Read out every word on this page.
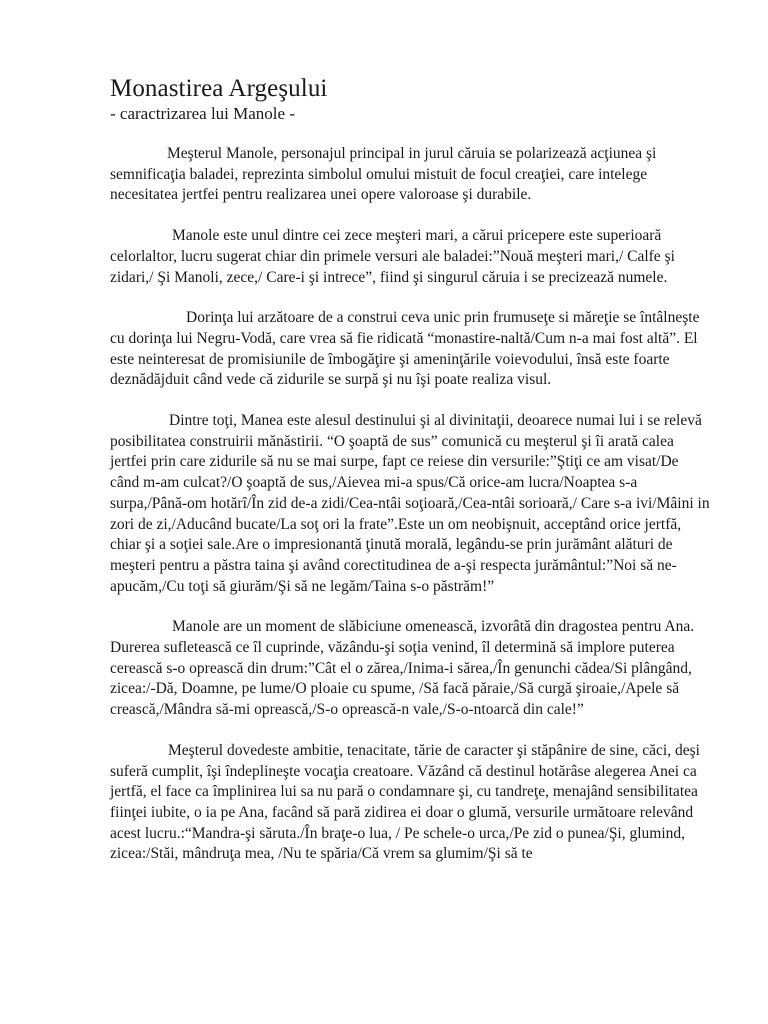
Monastirea Argeşului
- caractrizarea lui Manole -

Meşterul Manole, personajul principal in jurul căruia se polarizează acţiunea şi semnificaţia baladei, reprezinta simbolul omului mistuit de focul creaţiei, care intelege necesitatea jertfei pentru realizarea unei opere valoroase şi durabile.

Manole este unul dintre cei zece meşteri mari, a cărui pricepere este superioară celorlaltor, lucru sugerat chiar din primele versuri ale baladei:”Nouă meşteri mari,/ Calfe şi zidari,/ Şi Manoli, zece,/ Care-i şi intrece”, fiind şi singurul căruia i se precizează numele.

Dorinţa lui arzătoare de a construi ceva unic prin frumuseţe si măreţie se întâlneşte cu dorinţa lui Negru-Vodă, care vrea să fie ridicată “monastire-naltă/Cum n-a mai fost altă”. El este neinteresat de promisiunile de îmbogăţire şi ameninţările voievodului, însă este foarte deznădăjduit când vede că zidurile se surpă şi nu îşi poate realiza visul.

Dintre toţi, Manea este alesul destinului şi al divinitaţii, deoarece numai lui i se relevă posibilitatea construirii mănăstirii. “O şoaptă de sus” comunică cu meşterul şi îi arată calea jertfei prin care zidurile să nu se mai surpe, fapt ce reiese din versurile:”Ştiţi ce am visat/De când m-am culcat?/O şoaptă de sus,/Aievea mi-a spus/Că orice-am lucra/Noaptea s-a surpa,/Până-om hotărî/În zid de-a zidi/Cea-ntâi soţioară,/Cea-ntâi sorioară,/ Care s-a ivi/Mâini in zori de zi,/Aducând bucate/La soţ ori la frate”.Este un om neobişnuit, acceptând orice jertfă, chiar şi a soţiei sale.Are o impresionantă ţinută morală, legându-se prin jurământ alături de meşteri pentru a păstra taina şi având corectitudinea de a-şi respecta jurământul:”Noi să ne-apucăm,/Cu toţi să giurăm/Şi să ne legăm/Taina s-o păstrăm!”

Manole are un moment de slăbiciune omenească, izvorâtă din dragostea pentru Ana. Durerea sufletească ce îl cuprinde, văzându-şi soţia venind, îl determină să implore puterea cerească s-o oprească din drum:”Cât el o zărea,/Inima-i sărea,/În genunchi cădea/Si plângând, zicea:/-Dă, Doamne, pe lume/O ploaie cu spume, /Să facă păraie,/Să curgă şiroaie,/Apele să crească,/Mândra să-mi oprească,/S-o oprească-n vale,/S-o-ntoarcă din cale!”

Meşterul dovedeste ambitie, tenacitate, tărie de caracter şi stăpânire de sine, căci, deşi suferă cumplit, îşi îndeplineşte vocaţia creatoare. Văzând că destinul hotărâse alegerea Anei ca jertfă, el face ca împlinirea lui sa nu pară o condamnare şi, cu tandreţe, menajând sensibilitatea fiinţei iubite, o ia pe Ana, facând să pară zidirea ei doar o glumă, versurile următoare relevând acest lucru.:“Mandra-şi săruta./În braţe-o lua, / Pe schele-o urca,/Pe zid o punea/Şi, glumind, zicea:/Stăi, mândruţa mea, /Nu te spăria/Că vrem sa glumim/Şi să te
